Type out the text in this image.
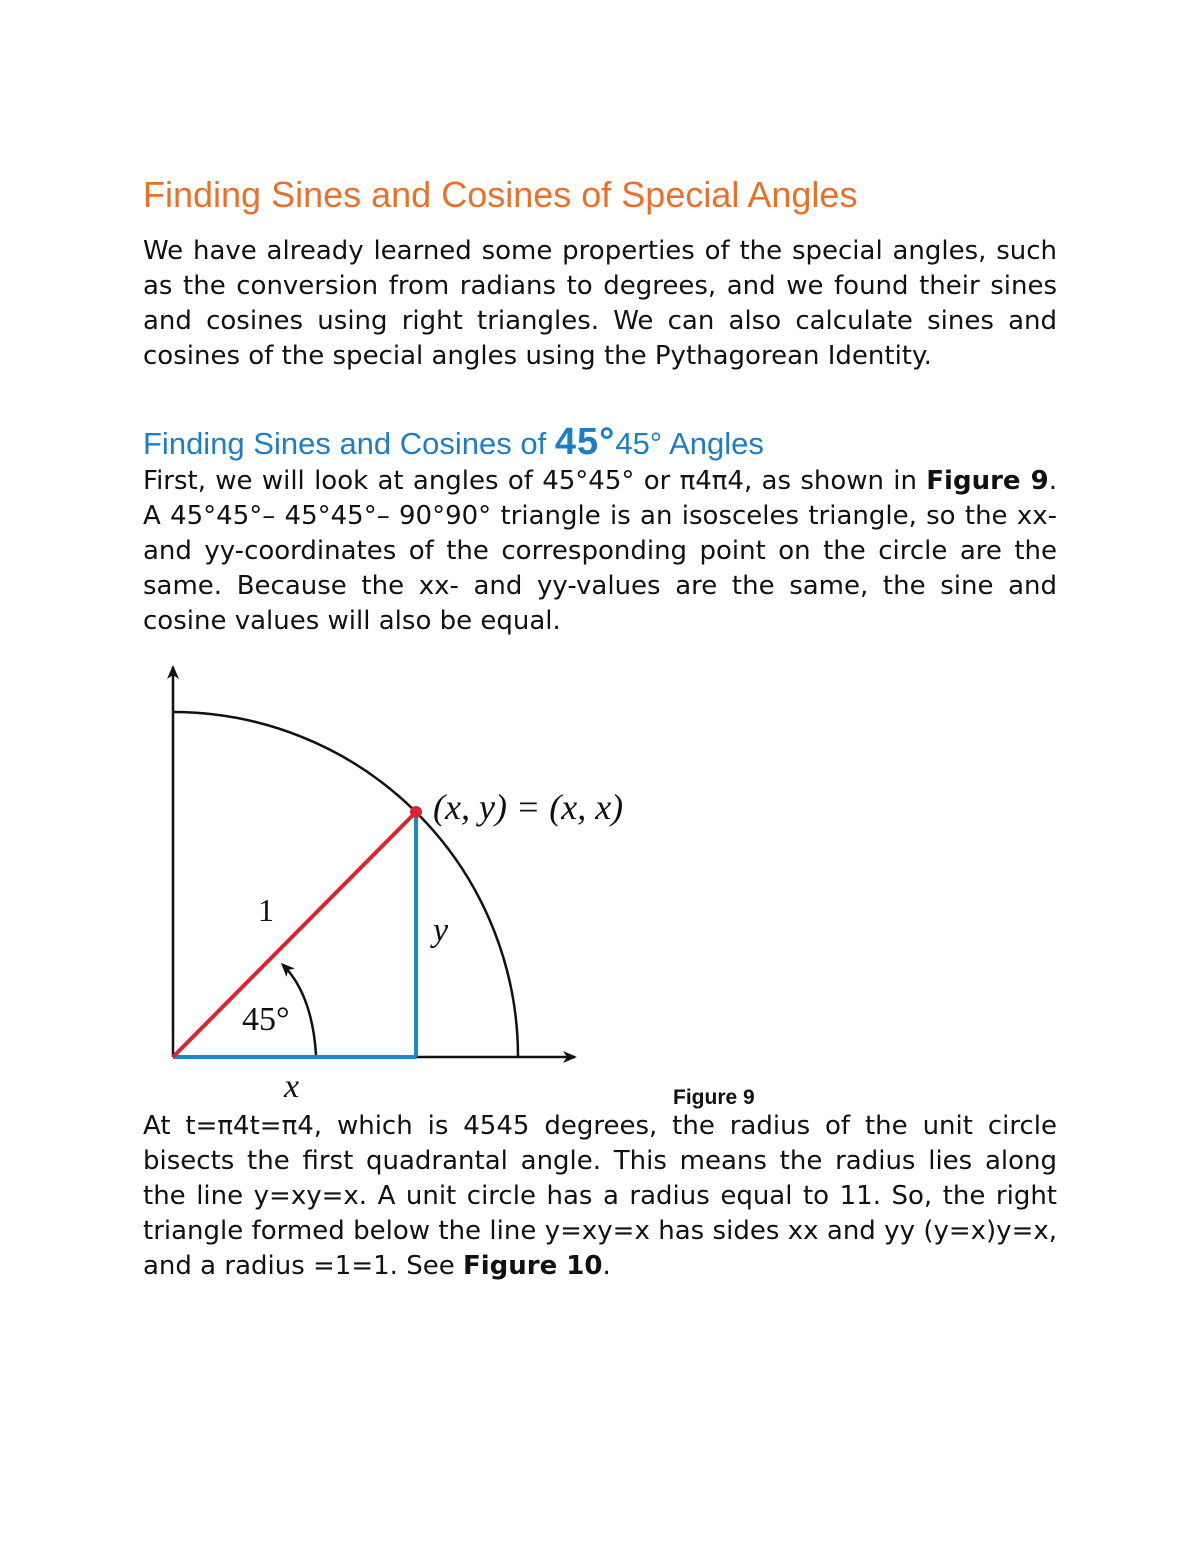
Finding Sines and Cosines of Special Angles

We have already learned some properties of the special angles, such as the conversion from radians to degrees, and we found their sines and cosines using right triangles. We can also calculate sines and cosines of the special angles using the Pythagorean Identity.

Finding Sines and Cosines of 45°45° Angles

First, we will look at angles of 45°45° or π4π4, as shown in Figure 9. A 45°45°– 45°45°– 90°90° triangle is an isosceles triangle, so the xx- and yy-coordinates of the corresponding point on the circle are the same. Because the xx- and yy-values are the same, the sine and cosine values will also be equal.

(x, y) = (x, x)
1
y
45°
x	Figure 9

At t=π4t=π4, which is 4545 degrees, the radius of the unit circle bisects the first quadrantal angle. This means the radius lies along the line y=xy=x. A unit circle has a radius equal to 11. So, the right triangle formed below the line y=xy=x has sides xx and yy (y=x)y=x, and a radius =1=1. See Figure 10.
